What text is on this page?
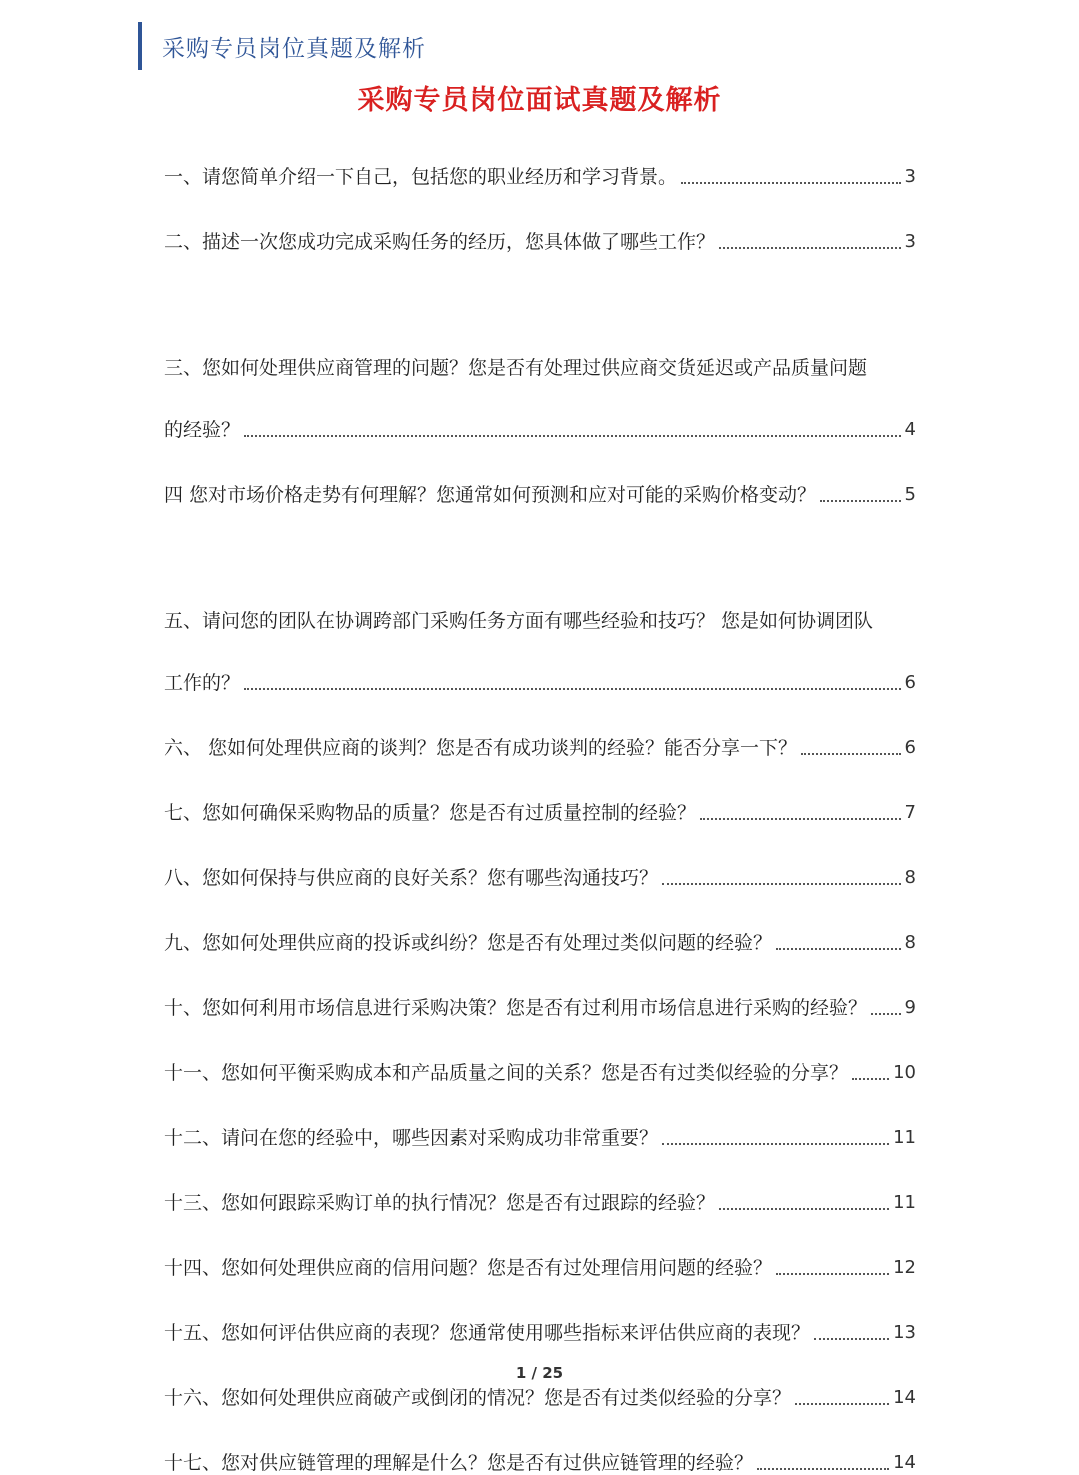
采购专员岗位真题及解析
采购专员岗位面试真题及解析
一、请您简单介绍一下自己，包括您的职业经历和学习背景。	3
二、描述一次您成功完成采购任务的经历，您具体做了哪些工作？	3
三、您如何处理供应商管理的问题？您是否有处理过供应商交货延迟或产品质量问题
的经验？	4
四 您对市场价格走势有何理解？您通常如何预测和应对可能的采购价格变动？	5
五、请问您的团队在协调跨部门采购任务方面有哪些经验和技巧？ 您是如何协调团队
工作的？	6
六、 您如何处理供应商的谈判？您是否有成功谈判的经验？能否分享一下？	6
七、您如何确保采购物品的质量？您是否有过质量控制的经验？	7
八、您如何保持与供应商的良好关系？您有哪些沟通技巧？	8
九、您如何处理供应商的投诉或纠纷？您是否有处理过类似问题的经验？	8
十、您如何利用市场信息进行采购决策？您是否有过利用市场信息进行采购的经验？ 9
十一、您如何平衡采购成本和产品质量之间的关系？您是否有过类似经验的分享？	10
十二、请问在您的经验中，哪些因素对采购成功非常重要？	11
十三、您如何跟踪采购订单的执行情况？您是否有过跟踪的经验？	11
十四、您如何处理供应商的信用问题？您是否有过处理信用问题的经验？	12
十五、您如何评估供应商的表现？您通常使用哪些指标来评估供应商的表现？	13
十六、您如何处理供应商破产或倒闭的情况？您是否有过类似经验的分享？	14
十七、您对供应链管理的理解是什么？您是否有过供应链管理的经验？	14
1 / 25
